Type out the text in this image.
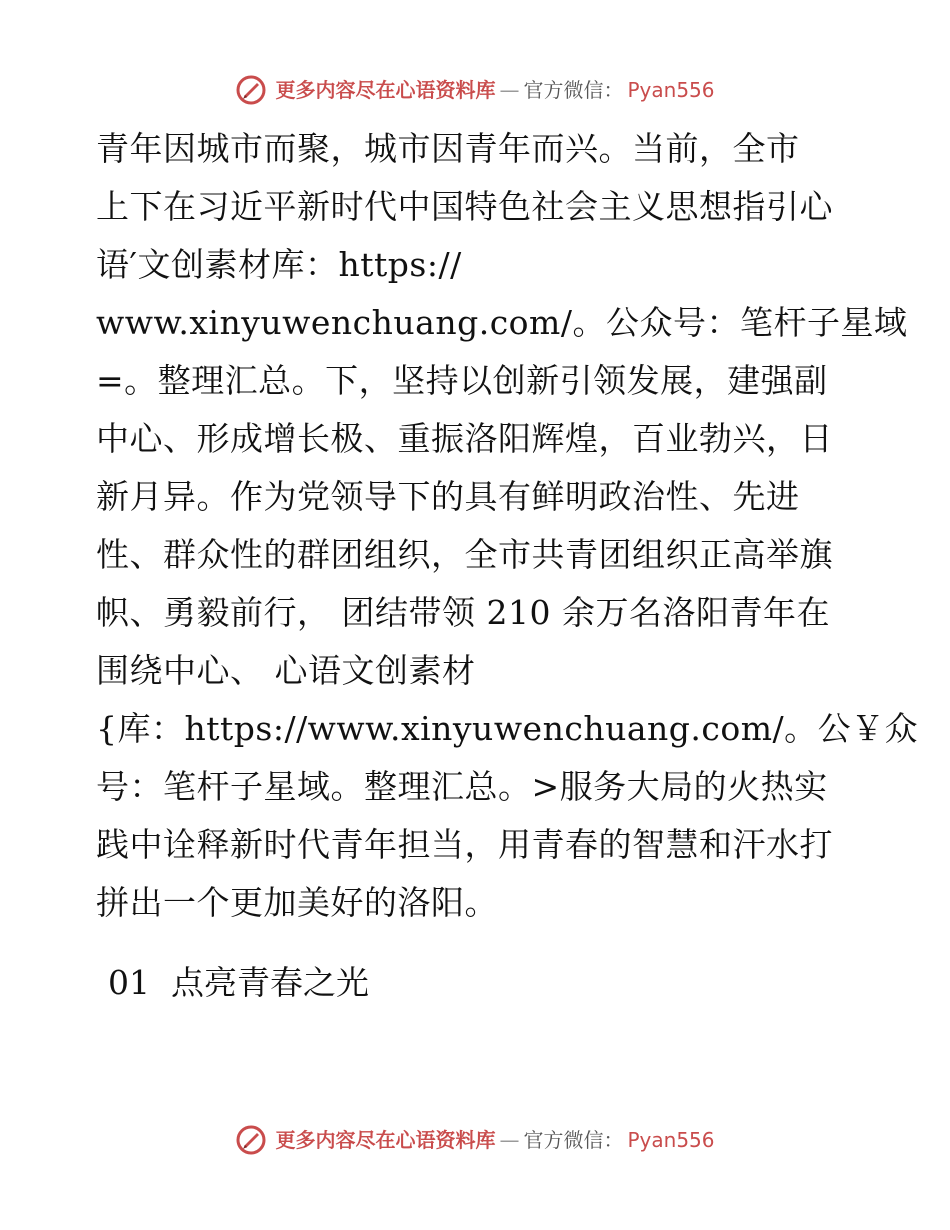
更多内容尽在心语资料库 — 官方微信： Pyan556

青年因城市而聚，城市因青年而兴。当前，全市
上下在习近平新时代中国特色社会主义思想指引心
语′文创素材库：https://
www.xinyuwenchuang.com/。公众号：笔杆子星域
=。整理汇总。下，坚持以创新引领发展，建强副
中心、形成增长极、重振洛阳辉煌，百业勃兴，日
新月异。作为党领导下的具有鲜明政治性、先进
性、群众性的群团组织，全市共青团组织正高举旗
帜、勇毅前行， 团结带领 210 余万名洛阳青年在
围绕中心、 心语文创素材
{库：https://www.xinyuwenchuang.com/。公￥众
号：笔杆子星域。整理汇总。>服务大局的火热实
践中诠释新时代青年担当，用青春的智慧和汗水打
拼出一个更加美好的洛阳。

01  点亮青春之光
更多内容尽在心语资料库 — 官方微信： Pyan556
